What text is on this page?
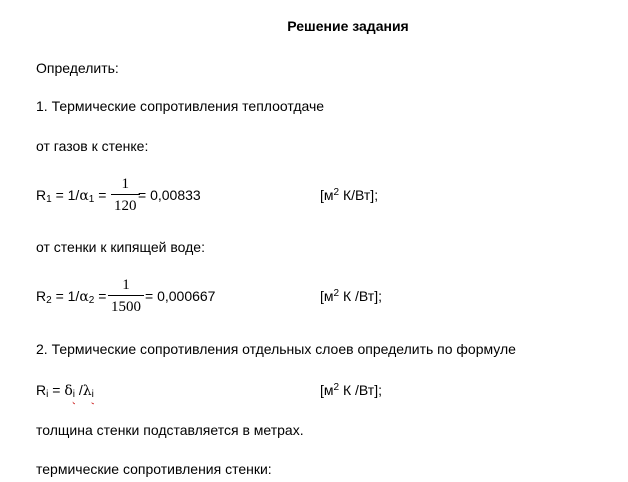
Решение задания
Определить:
1. Термические сопротивления теплоотдаче
от газов к стенке:
$R_1 = 1/\alpha_1$ =
1
120
= 0,00833	[$м^2$ К/Вт];
от стенки к кипящей воде:
$R_2 = 1/\alpha_2$ =
1
1500
= 0,000667	[$м^2$ К /Вт];
2. Термические сопротивления отдельных слоев определить по формуле
$R_i = \delta_i$ $/\lambda_i$	[$м^2$ К /Вт];
толщина стенки подставляется в метрах.
термические сопротивления стенки:
